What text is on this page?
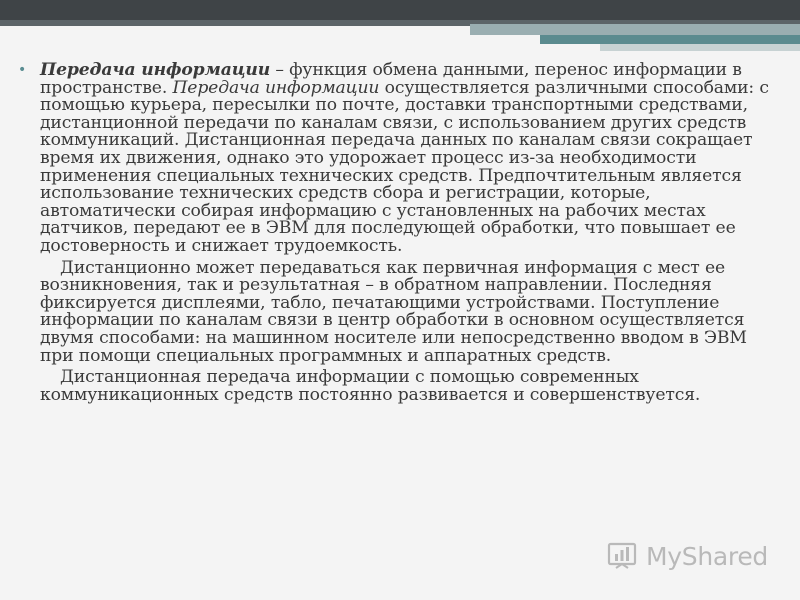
• Передача информации – функция обмена данными, перенос информации в пространстве. Передача информации осуществляется различными способами: с помощью курьера, пересылки по почте, доставки транспортными средствами, дистанционной передачи по каналам связи, с использованием других средств коммуникаций. Дистанционная передача данных по каналам связи сокращает время их движения, однако это удорожает процесс из-за необходимости применения специальных технических средств. Предпочтительным является использование технических средств сбора и регистрации, которые, автоматически собирая информацию с установленных на рабочих местах датчиков, передают ее в ЭВМ для последующей обработки, что повышает ее достоверность и снижает трудоемкость.

Дистанционно может передаваться как первичная информация с мест ее возникновения, так и результатная – в обратном направлении. Последняя фиксируется дисплеями, табло, печатающими устройствами. Поступление информации по каналам связи в центр обработки в основном осуществляется двумя способами: на машинном носителе или непосредственно вводом в ЭВМ при помощи специальных программных и аппаратных средств.

Дистанционная передача информации с помощью современных коммуникационных средств постоянно развивается и совершенствуется.

MyShared
